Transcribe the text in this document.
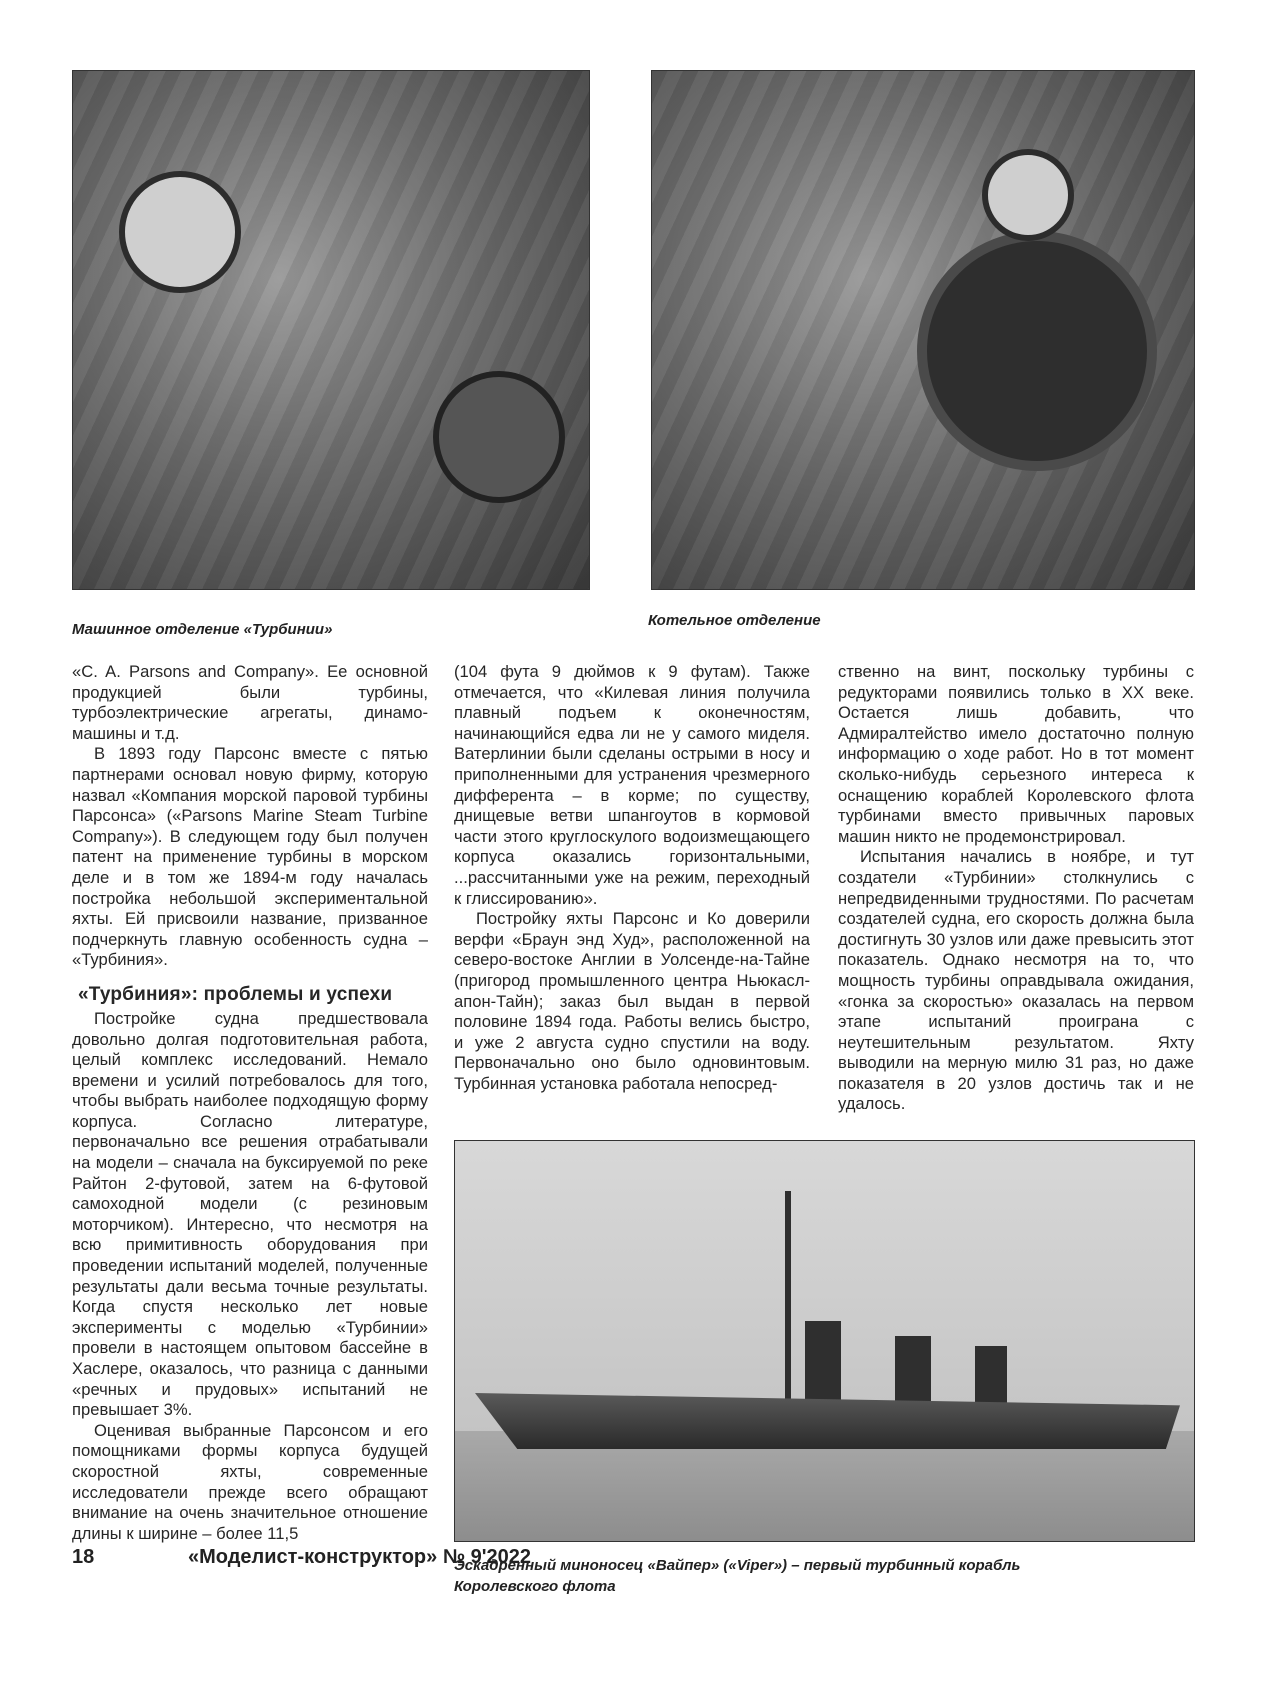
Машинное отделение «Турбинии»

Котельное отделение

«C. A. Parsons and Company». Ее основной продукцией были турбины, турбоэлектрические агрегаты, динамо-машины и т.д.

В 1893 году Парсонс вместе с пятью партнерами основал новую фирму, которую назвал «Компания морской паровой турбины Парсонса» («Parsons Marine Steam Turbine Company»). В следующем году был получен патент на применение турбины в морском деле и в том же 1894-м году началась постройка небольшой экспериментальной яхты. Ей присвоили название, призванное подчеркнуть главную особенность судна – «Турбиния».

«Турбиния»: проблемы и успехи

Постройке судна предшествовала довольно долгая подготовительная работа, целый комплекс исследований. Немало времени и усилий потребовалось для того, чтобы выбрать наиболее подходящую форму корпуса. Согласно литературе, первоначально все решения отрабатывали на модели – сначала на буксируемой по реке Райтон 2-футовой, затем на 6-футовой самоходной модели (с резиновым моторчиком). Интересно, что несмотря на всю примитивность оборудования при проведении испытаний моделей, полученные результаты дали весьма точные результаты. Когда спустя несколько лет новые эксперименты с моделью «Турбинии» провели в настоящем опытовом бассейне в Хаслере, оказалось, что разница с данными «речных и прудовых» испытаний не превышает 3%.

Оценивая выбранные Парсонсом и его помощниками формы корпуса будущей скоростной яхты, современные исследователи прежде всего обращают внимание на очень значительное отношение длины к ширине – более 11,5

(104 фута 9 дюймов к 9 футам). Также отмечается, что «Килевая линия получила плавный подъем к оконечностям, начинающийся едва ли не у самого миделя. Ватерлинии были сделаны острыми в носу и приполненными для устранения чрезмерного дифферента – в корме; по существу, днищевые ветви шпангоутов в кормовой части этого круглоскулого водоизмещающего корпуса оказались горизонтальными, ...рассчитанными уже на режим, переходный к глиссированию».

Постройку яхты Парсонс и Ко доверили верфи «Браун энд Худ», расположенной на северо-востоке Англии в Уолсенде-на-Тайне (пригород промышленного центра Ньюкасл-апон-Тайн); заказ был выдан в первой половине 1894 года. Работы велись быстро, и уже 2 августа судно спустили на воду. Первоначально оно было одновинтовым. Турбинная установка работала непосред-

ственно на винт, поскольку турбины с редукторами появились только в ХХ веке. Остается лишь добавить, что Адмиралтейство имело достаточно полную информацию о ходе работ. Но в тот момент сколько-нибудь серьезного интереса к оснащению кораблей Королевского флота турбинами вместо привычных паровых машин никто не продемонстрировал.

Испытания начались в ноябре, и тут создатели «Турбинии» столкнулись с непредвиденными трудностями. По расчетам создателей судна, его скорость должна была достигнуть 30 узлов или даже превысить этот показатель. Однако несмотря на то, что мощность турбины оправдывала ожидания, «гонка за скоростью» оказалась на первом этапе испытаний проиграна с неутешительным результатом. Яхту выводили на мерную милю 31 раз, но даже показателя в 20 узлов достичь так и не удалось.

Эскадренный миноносец «Вайпер» («Viper») – первый турбинный корабль
Королевского флота

18	«Моделист-конструктор» № 9'2022
